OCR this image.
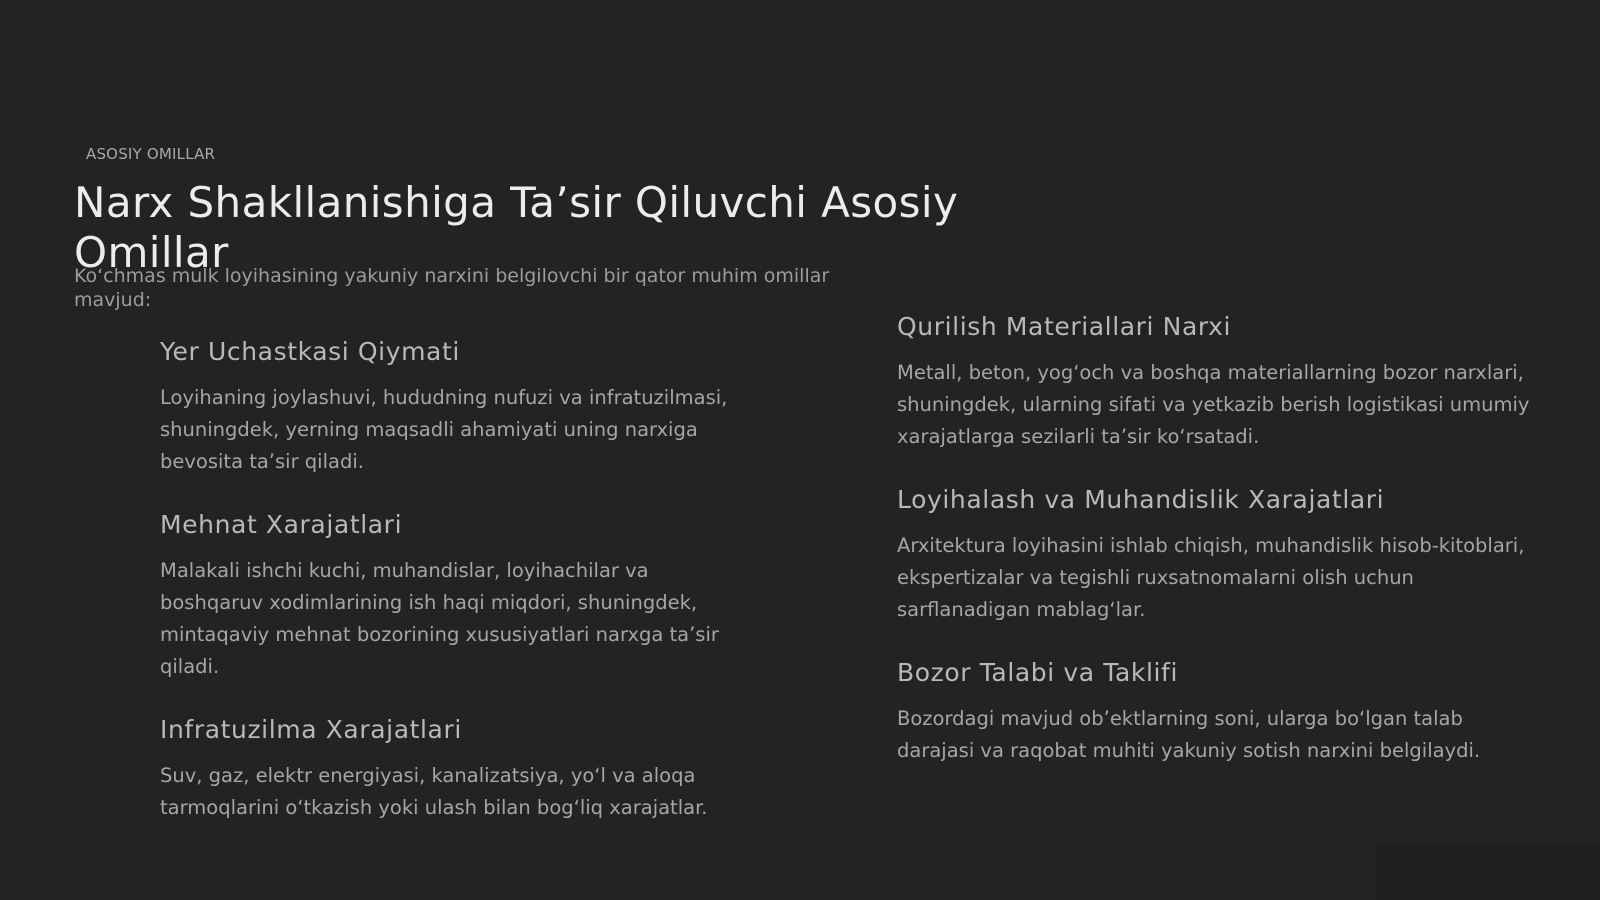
ASOSIY OMILLAR
Narx Shakllanishiga Ta’sir Qiluvchi Asosiy Omillar

Koʻchmas mulk loyihasining yakuniy narxini belgilovchi bir qator muhim omillar mavjud:

Yer Uchastkasi Qiymati

Loyihaning joylashuvi, hududning nufuzi va infratuzilmasi, shuningdek, yerning maqsadli ahamiyati uning narxiga bevosita ta’sir qiladi.

Mehnat Xarajatlari

Malakali ishchi kuchi, muhandislar, loyihachilar va boshqaruv xodimlarining ish haqi miqdori, shuningdek, mintaqaviy mehnat bozorining xususiyatlari narxga ta’sir qiladi.

Infratuzilma Xarajatlari

Suv, gaz, elektr energiyasi, kanalizatsiya, yoʻl va aloqa tarmoqlarini oʻtkazish yoki ulash bilan bogʻliq xarajatlar.

Qurilish Materiallari Narxi

Metall, beton, yogʻoch va boshqa materiallarning bozor narxlari, shuningdek, ularning sifati va yetkazib berish logistikasi umumiy xarajatlarga sezilarli ta’sir koʻrsatadi.

Loyihalash va Muhandislik Xarajatlari

Arxitektura loyihasini ishlab chiqish, muhandislik hisob-kitoblari, ekspertizalar va tegishli ruxsatnomalarni olish uchun sarflanadigan mablagʻlar.

Bozor Talabi va Taklifi

Bozordagi mavjud ob’ektlarning soni, ularga boʻlgan talab darajasi va raqobat muhiti yakuniy sotish narxini belgilaydi.
